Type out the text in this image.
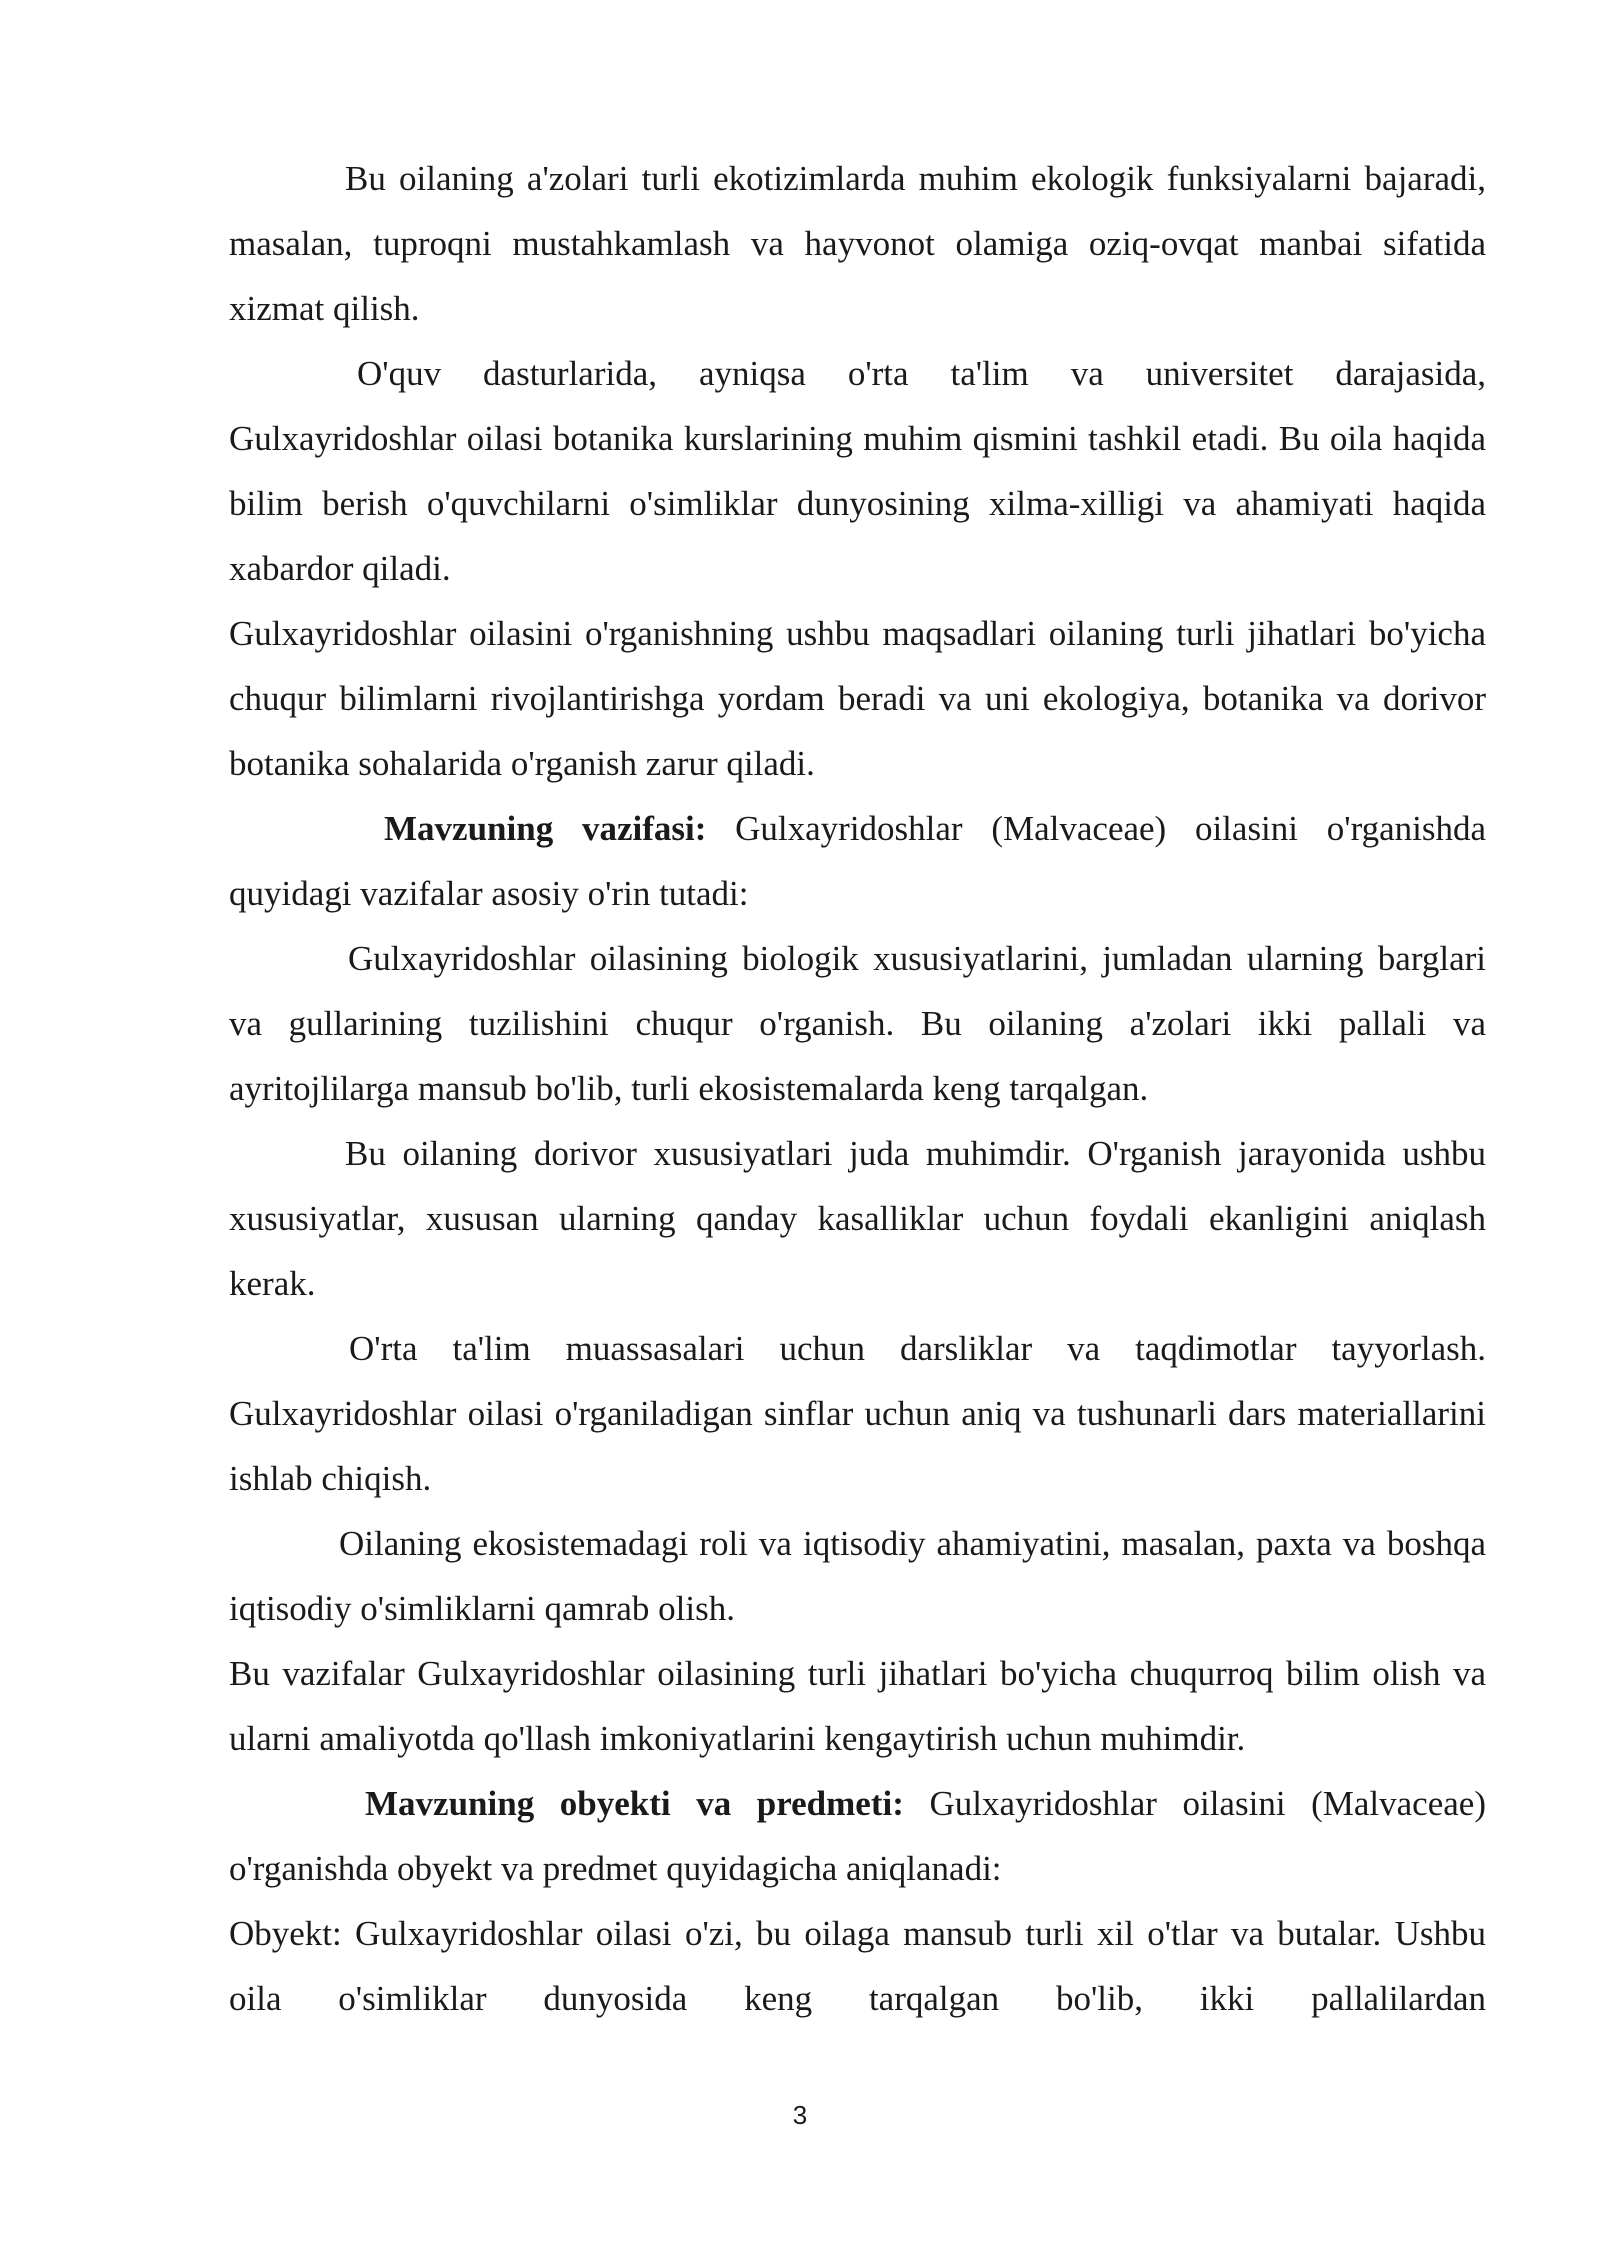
Bu oilaning a'zolari turli ekotizimlarda muhim ekologik funksiyalarni bajaradi, masalan, tuproqni mustahkamlash va hayvonot olamiga oziq-ovqat manbai sifatida xizmat qilish.

O'quv dasturlarida, ayniqsa o'rta ta'lim va universitet darajasida, Gulxayridoshlar oilasi botanika kurslarining muhim qismini tashkil etadi. Bu oila haqida bilim berish o'quvchilarni o'simliklar dunyosining xilma-xilligi va ahamiyati haqida xabardor qiladi.

Gulxayridoshlar oilasini o'rganishning ushbu maqsadlari oilaning turli jihatlari bo'yicha chuqur bilimlarni rivojlantirishga yordam beradi va uni ekologiya, botanika va dorivor botanika sohalarida o'rganish zarur qiladi.

Mavzuning vazifasi: Gulxayridoshlar (Malvaceae) oilasini o'rganishda quyidagi vazifalar asosiy o'rin tutadi:

Gulxayridoshlar oilasining biologik xususiyatlarini, jumladan ularning barglari va gullarining tuzilishini chuqur o'rganish. Bu oilaning a'zolari ikki pallali va ayritojlilarga mansub bo'lib, turli ekosistemalarda keng tarqalgan.

Bu oilaning dorivor xususiyatlari juda muhimdir. O'rganish jarayonida ushbu xususiyatlar, xususan ularning qanday kasalliklar uchun foydali ekanligini aniqlash kerak.

O'rta ta'lim muassasalari uchun darsliklar va taqdimotlar tayyorlash. Gulxayridoshlar oilasi o'rganiladigan sinflar uchun aniq va tushunarli dars materiallarini ishlab chiqish.

Oilaning ekosistemadagi roli va iqtisodiy ahamiyatini, masalan, paxta va boshqa iqtisodiy o'simliklarni qamrab olish.

Bu vazifalar Gulxayridoshlar oilasining turli jihatlari bo'yicha chuqurroq bilim olish va ularni amaliyotda qo'llash imkoniyatlarini kengaytirish uchun muhimdir.

Mavzuning obyekti va predmeti: Gulxayridoshlar oilasini (Malvaceae) o'rganishda obyekt va predmet quyidagicha aniqlanadi:

Obyekt: Gulxayridoshlar oilasi o'zi, bu oilaga mansub turli xil o'tlar va butalar. Ushbu oila o'simliklar dunyosida keng tarqalgan bo'lib, ikki pallalilardan

3
